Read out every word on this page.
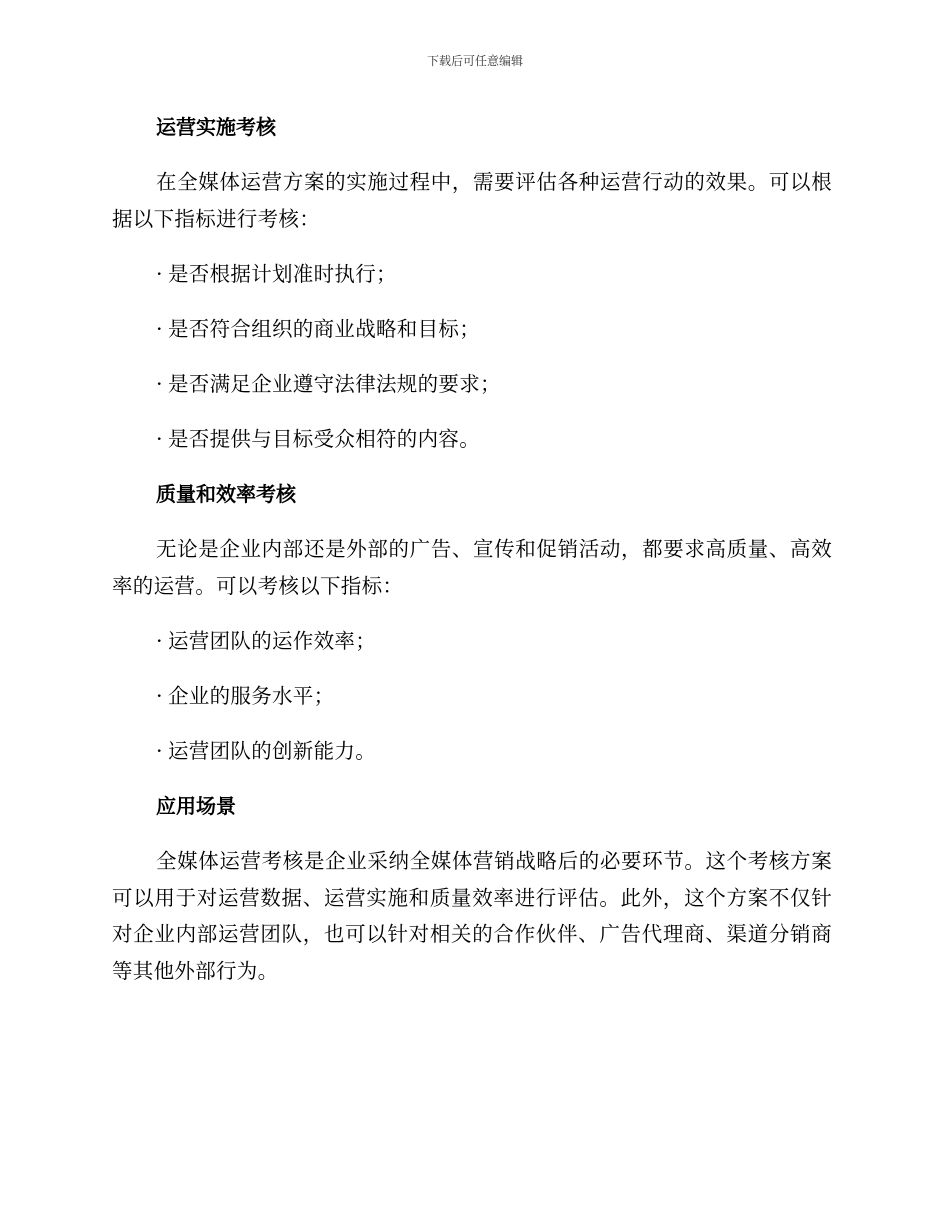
下载后可任意编辑
运营实施考核
在全媒体运营方案的实施过程中，需要评估各种运营行动的效果。可以根据以下指标进行考核：
· 是否根据计划准时执行；
· 是否符合组织的商业战略和目标；
· 是否满足企业遵守法律法规的要求；
· 是否提供与目标受众相符的内容。
质量和效率考核
无论是企业内部还是外部的广告、宣传和促销活动，都要求高质量、高效率的运营。可以考核以下指标：
· 运营团队的运作效率；
· 企业的服务水平；
· 运营团队的创新能力。
应用场景
全媒体运营考核是企业采纳全媒体营销战略后的必要环节。这个考核方案可以用于对运营数据、运营实施和质量效率进行评估。此外，这个方案不仅针对企业内部运营团队，也可以针对相关的合作伙伴、广告代理商、渠道分销商等其他外部行为。
